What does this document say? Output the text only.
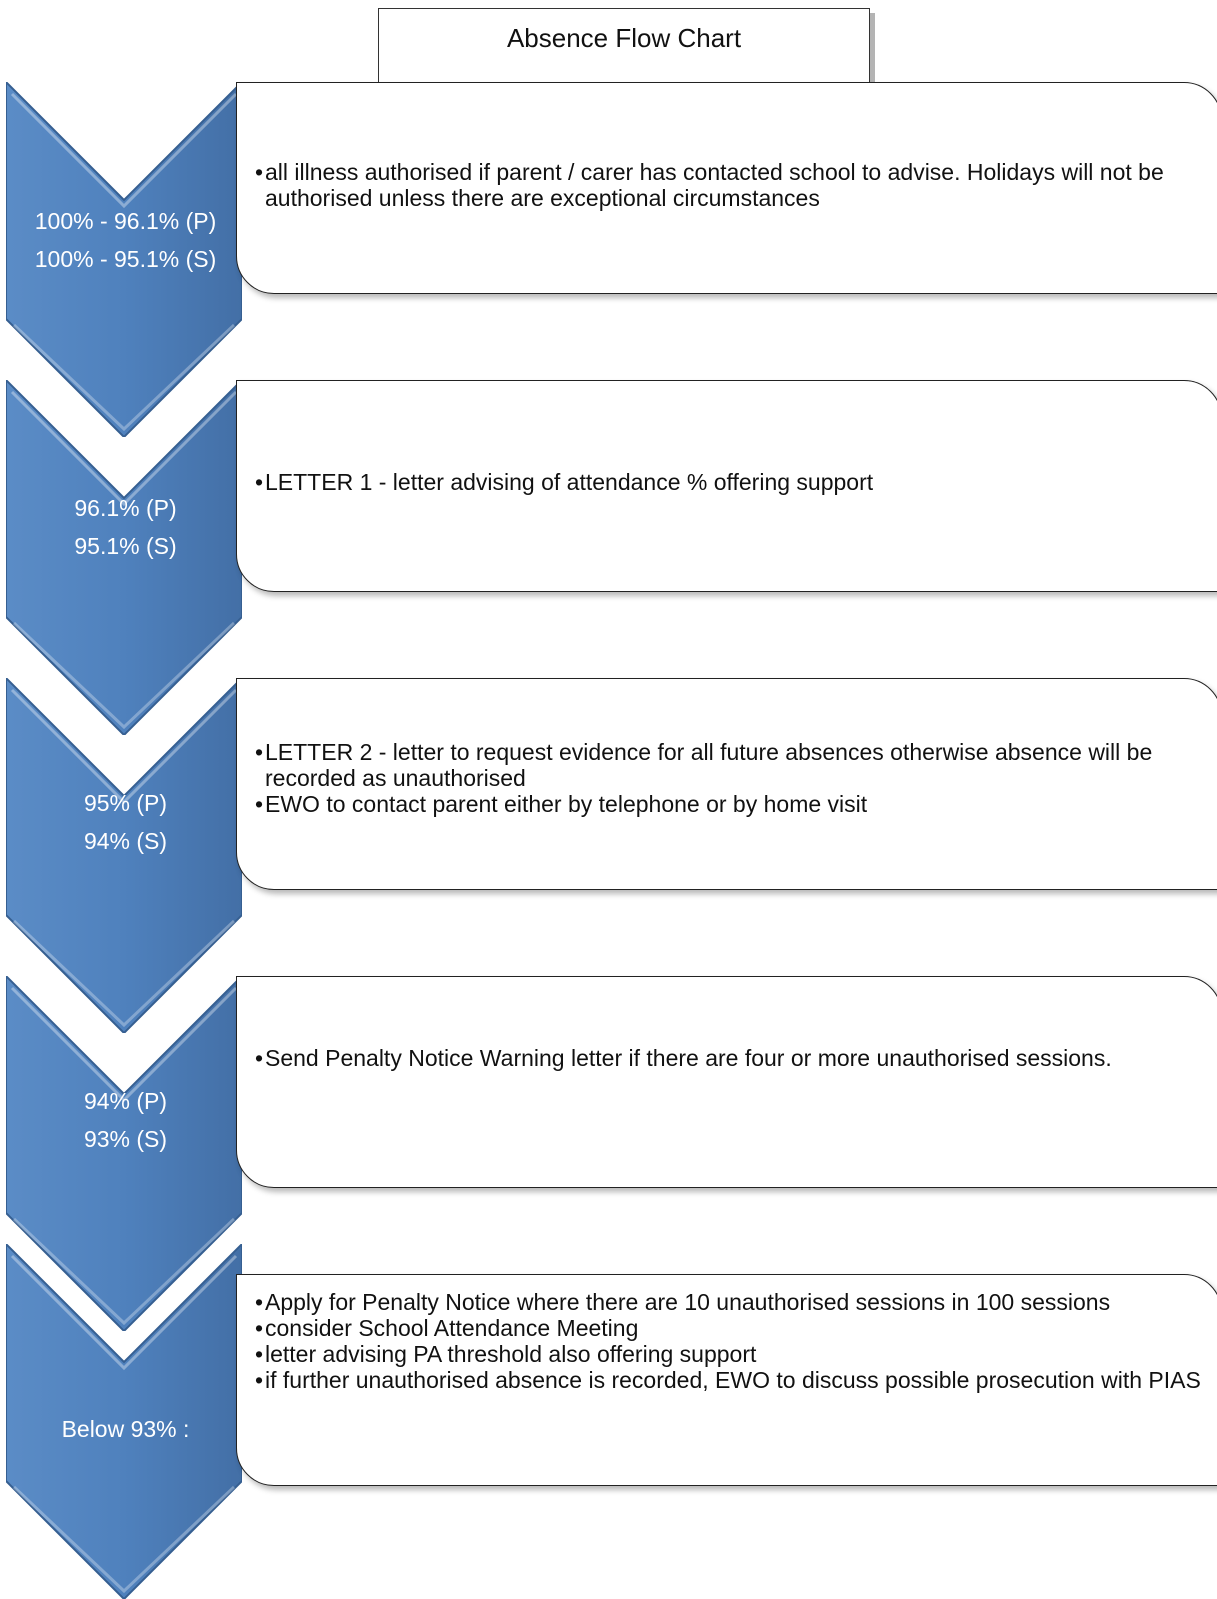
Absence Flow Chart
• all illness authorised if parent / carer has contacted school to advise. Holidays will not be authorised unless there are exceptional circumstances
100% - 96.1% (P)
100% - 95.1% (S)
• LETTER 1 - letter advising of attendance % offering support
96.1% (P)
95.1% (S)
• LETTER 2 - letter to request evidence for all future absences otherwise absence will be recorded as unauthorised
• EWO to contact parent either by telephone or by home visit
95% (P)
94% (S)
• Send Penalty Notice Warning letter if there are four or more unauthorised sessions.
94% (P)
93% (S)
• Apply for Penalty Notice where there are 10 unauthorised sessions in 100 sessions
• consider School Attendance Meeting
• letter advising PA threshold also offering support
• if further unauthorised absence is recorded, EWO to discuss possible prosecution with PIAS
Below 93% :
